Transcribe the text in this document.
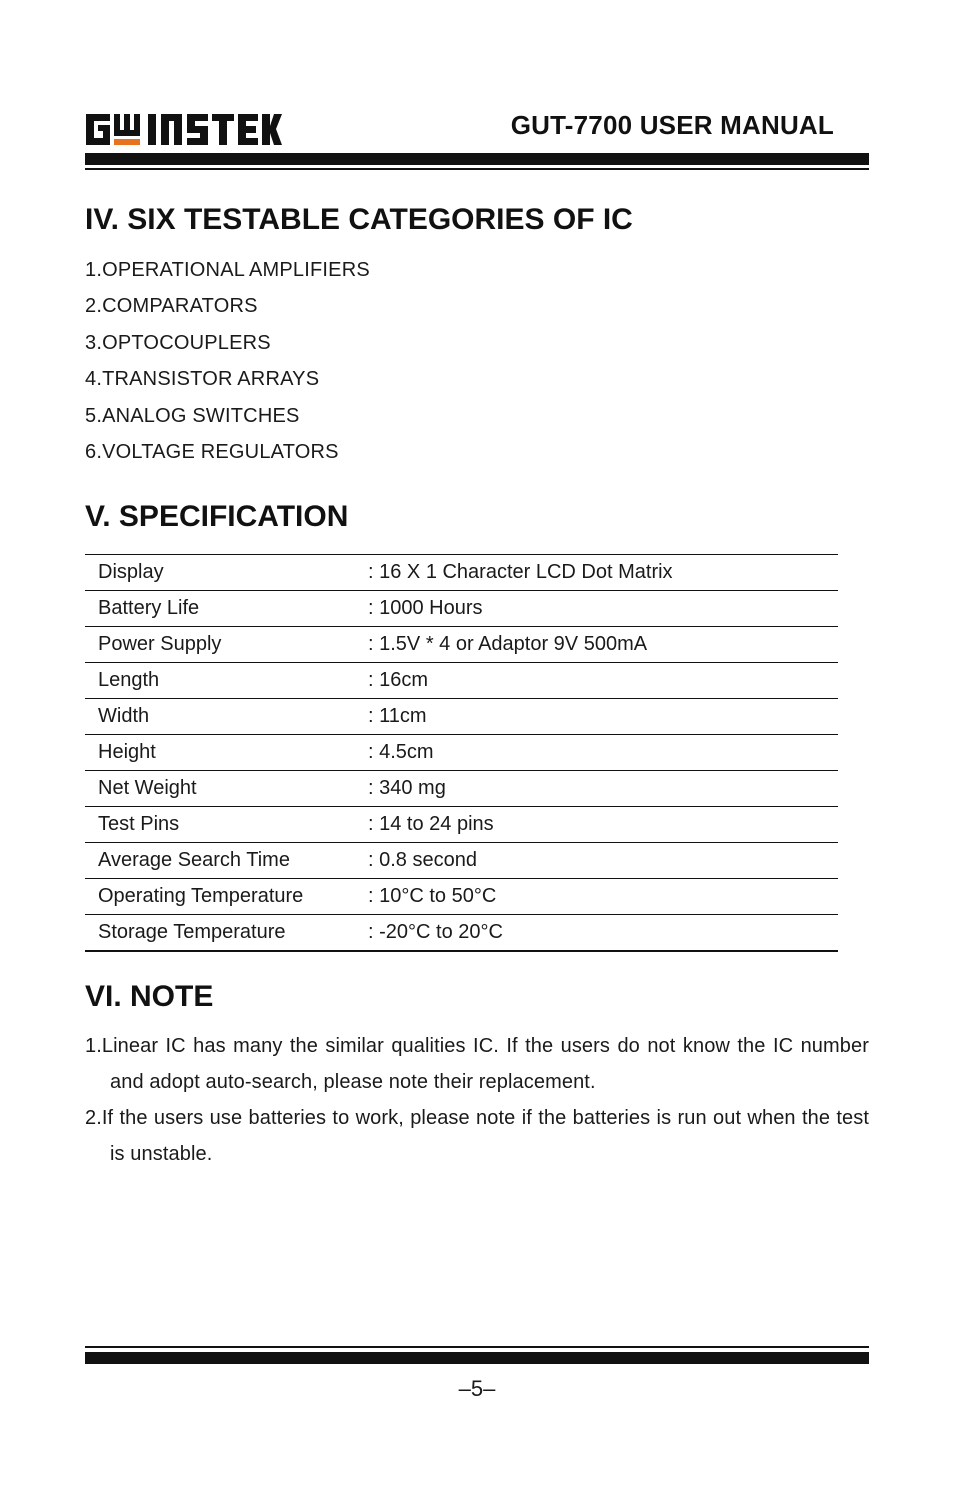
GUT-7700 USER MANUAL
IV. SIX TESTABLE CATEGORIES OF IC
1.OPERATIONAL AMPLIFIERS
2.COMPARATORS
3.OPTOCOUPLERS
4.TRANSISTOR ARRAYS
5.ANALOG SWITCHES
6.VOLTAGE REGULATORS
V. SPECIFICATION
Display	: 16 X 1 Character LCD Dot Matrix
Battery Life	: 1000 Hours
Power Supply	: 1.5V * 4 or Adaptor 9V 500mA
Length	: 16cm
Width	: 11cm
Height	: 4.5cm
Net Weight	: 340 mg
Test Pins	: 14 to 24 pins
Average Search Time	: 0.8 second
Operating Temperature	: 10°C to 50°C
Storage Temperature	: -20°C to 20°C
VI. NOTE
1.Linear IC has many the similar qualities IC. If the users do not know the IC number and adopt auto-search, please note their replacement.
2.If the users use batteries to work, please note if the batteries is run out when the test is unstable.
–5–
